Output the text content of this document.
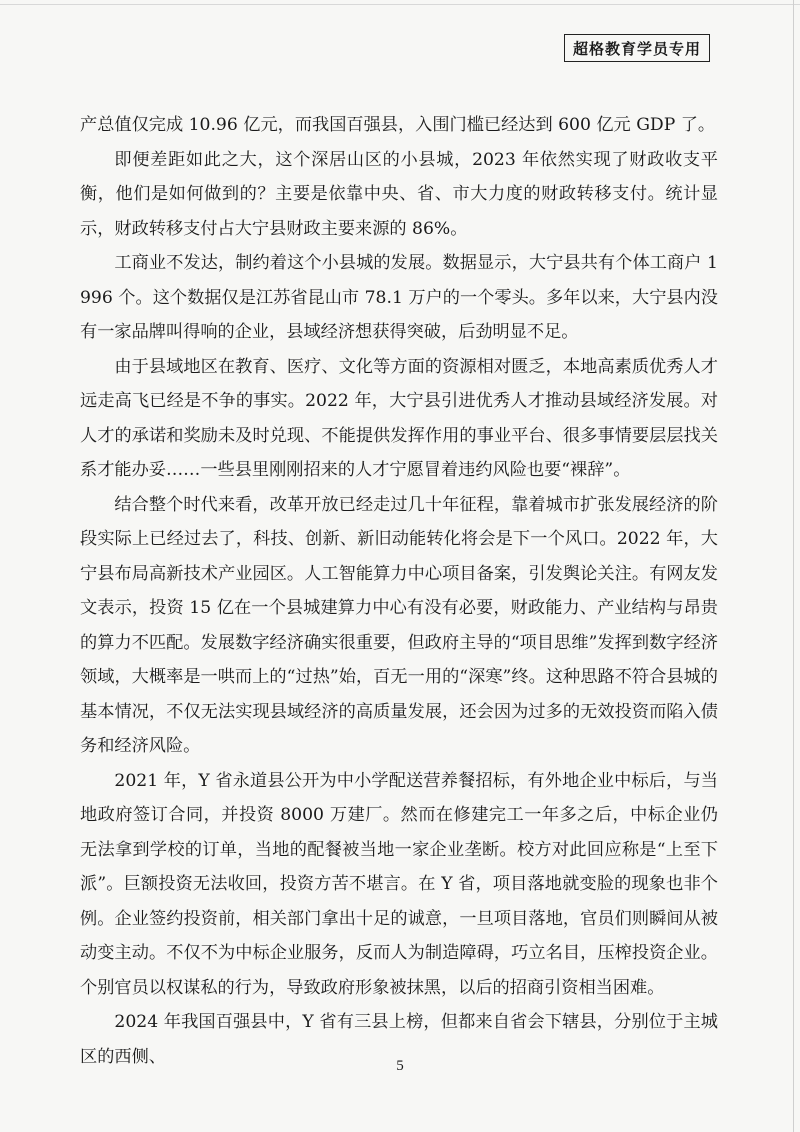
超格教育学员专用

产总值仅完成 10.96 亿元，而我国百强县，入围门槛已经达到 600 亿元 GDP 了。

即便差距如此之大，这个深居山区的小县城，2023 年依然实现了财政收支平衡，他们是如何做到的？主要是依靠中央、省、市大力度的财政转移支付。统计显示，财政转移支付占大宁县财政主要来源的 86%。

工商业不发达，制约着这个小县城的发展。数据显示，大宁县共有个体工商户 1996 个。这个数据仅是江苏省昆山市 78.1 万户的一个零头。多年以来，大宁县内没有一家品牌叫得响的企业，县域经济想获得突破，后劲明显不足。

由于县域地区在教育、医疗、文化等方面的资源相对匮乏，本地高素质优秀人才远走高飞已经是不争的事实。2022 年，大宁县引进优秀人才推动县域经济发展。对人才的承诺和奖励未及时兑现、不能提供发挥作用的事业平台、很多事情要层层找关系才能办妥……一些县里刚刚招来的人才宁愿冒着违约风险也要“裸辞”。

结合整个时代来看，改革开放已经走过几十年征程，靠着城市扩张发展经济的阶段实际上已经过去了，科技、创新、新旧动能转化将会是下一个风口。2022 年，大宁县布局高新技术产业园区。人工智能算力中心项目备案，引发舆论关注。有网友发文表示，投资 15 亿在一个县城建算力中心有没有必要，财政能力、产业结构与昂贵的算力不匹配。发展数字经济确实很重要，但政府主导的“项目思维”发挥到数字经济领域，大概率是一哄而上的“过热”始，百无一用的“深寒”终。这种思路不符合县城的基本情况，不仅无法实现县域经济的高质量发展，还会因为过多的无效投资而陷入债务和经济风险。

2021 年，Y 省永道县公开为中小学配送营养餐招标，有外地企业中标后，与当地政府签订合同，并投资 8000 万建厂。然而在修建完工一年多之后，中标企业仍无法拿到学校的订单，当地的配餐被当地一家企业垄断。校方对此回应称是“上至下派”。巨额投资无法收回，投资方苦不堪言。在 Y 省，项目落地就变脸的现象也非个例。企业签约投资前，相关部门拿出十足的诚意，一旦项目落地，官员们则瞬间从被动变主动。不仅不为中标企业服务，反而人为制造障碍，巧立名目，压榨投资企业。个别官员以权谋私的行为，导致政府形象被抹黑，以后的招商引资相当困难。

2024 年我国百强县中，Y 省有三县上榜，但都来自省会下辖县，分别位于主城区的西侧、	5
